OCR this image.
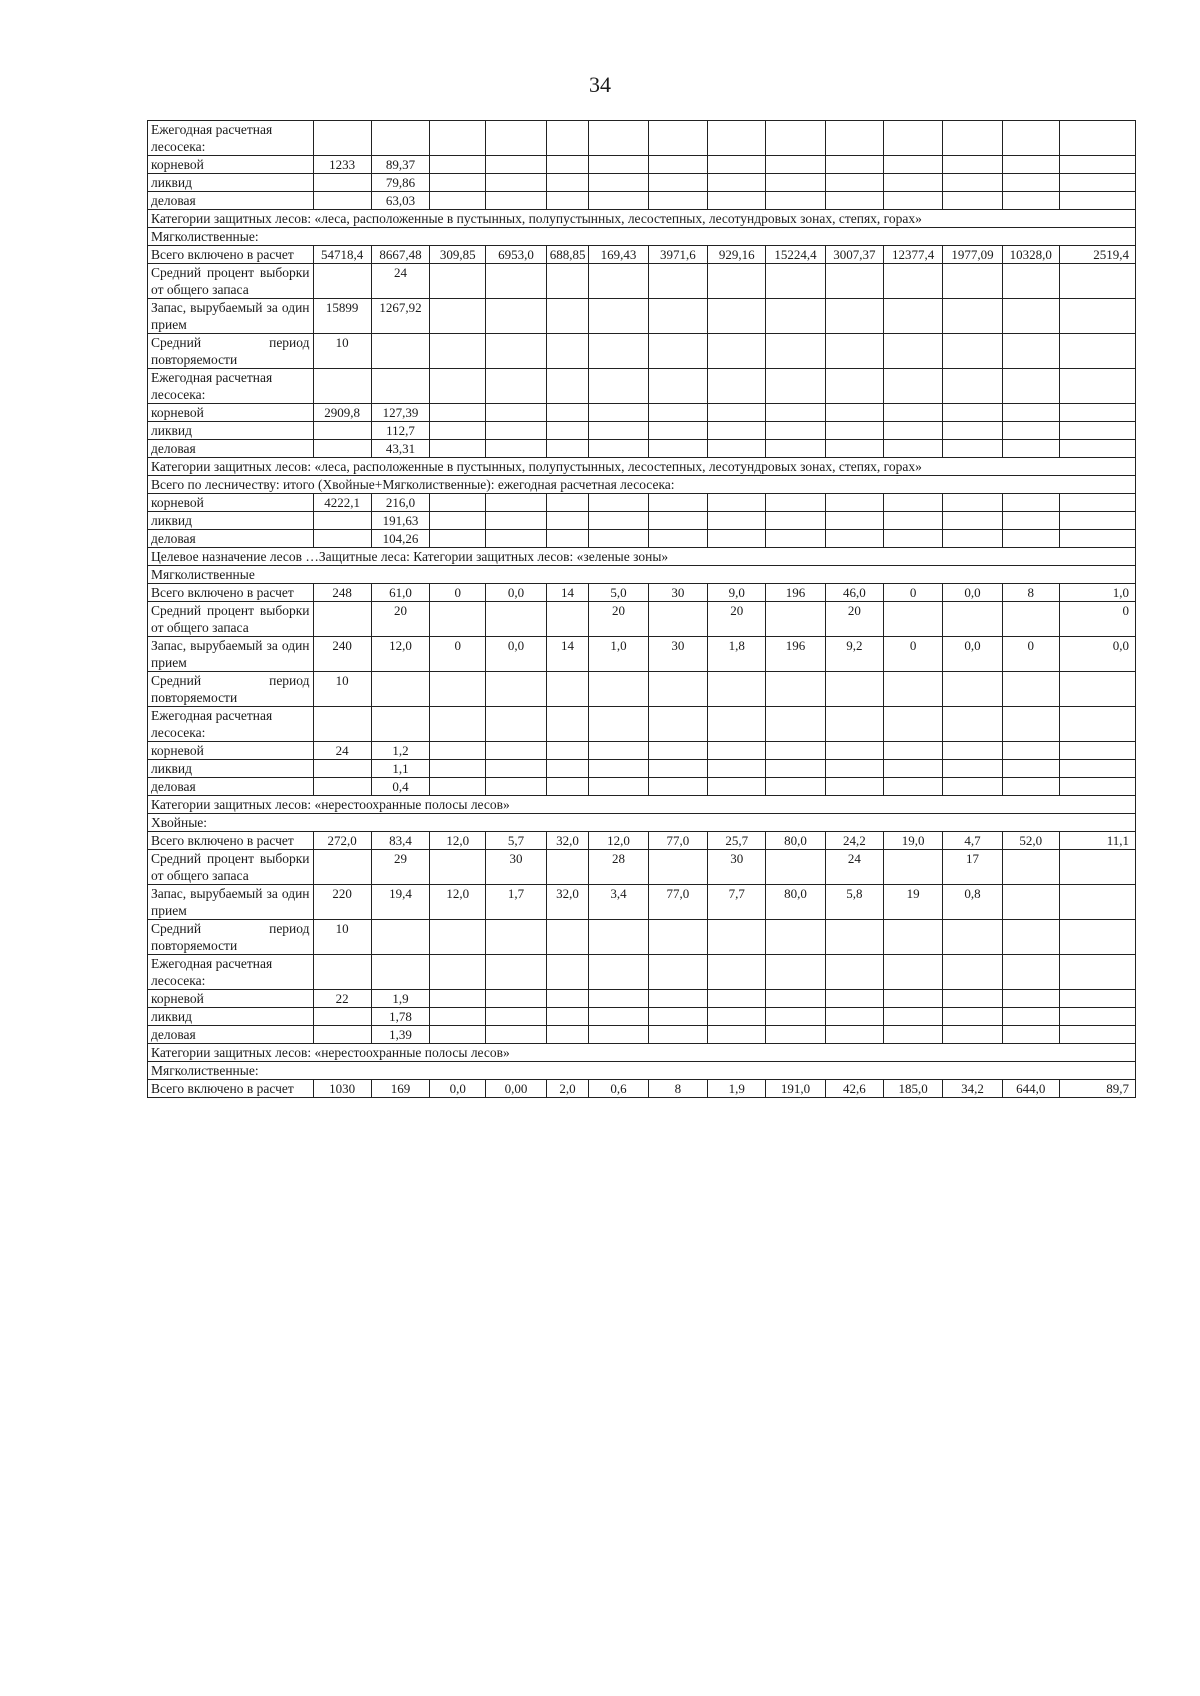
34
Ежегодная расчетная лесосека:														
корневой	1233	89,37												
ликвид		79,86												
деловая		63,03												
Категории защитных лесов: «леса, расположенные в пустынных, полупустынных, лесостепных, лесотундровых зонах, степях, горах»														
Мягколиственные:														
Всего включено в расчет	54718,4	8667,48	309,85	6953,0	688,85	169,43	3971,6	929,16	15224,4	3007,37	12377,4	1977,09	10328,0	2519,4
Средний процент выборки от общего запаса		24												
Запас, вырубаемый за один прием	15899	1267,92												
Средний период повторяемости	10													
Ежегодная расчетная лесосека:														
корневой	2909,8	127,39												
ликвид		112,7												
деловая		43,31												
Категории защитных лесов: «леса, расположенные в пустынных, полупустынных, лесостепных, лесотундровых зонах, степях, горах»														
Всего по лесничеству: итого (Хвойные+Мягколиственные): ежегодная расчетная лесосека:														
корневой	4222,1	216,0												
ликвид		191,63												
деловая		104,26												
Целевое назначение лесов …Защитные леса: Категории защитных лесов: «зеленые зоны»														
Мягколиственные														
Всего включено в расчет	248	61,0	0	0,0	14	5,0	30	9,0	196	46,0	0	0,0	8	1,0
Средний процент выборки от общего запаса		20				20		20		20				0
Запас, вырубаемый за один прием	240	12,0	0	0,0	14	1,0	30	1,8	196	9,2	0	0,0	0	0,0
Средний период повторяемости	10													
Ежегодная расчетная лесосека:														
корневой	24	1,2												
ликвид		1,1												
деловая		0,4												
Категории защитных лесов: «нерестоохранные полосы лесов»														
Хвойные:														
Всего включено в расчет	272,0	83,4	12,0	5,7	32,0	12,0	77,0	25,7	80,0	24,2	19,0	4,7	52,0	11,1
Средний процент выборки от общего запаса		29		30		28		30		24		17		
Запас, вырубаемый за один прием	220	19,4	12,0	1,7	32,0	3,4	77,0	7,7	80,0	5,8	19	0,8		
Средний период повторяемости	10													
Ежегодная расчетная лесосека:														
корневой	22	1,9												
ликвид		1,78												
деловая		1,39												
Категории защитных лесов: «нерестоохранные полосы лесов»														
Мягколиственные:														
Всего включено в расчет	1030	169	0,0	0,00	2,0	0,6	8	1,9	191,0	42,6	185,0	34,2	644,0	89,7
